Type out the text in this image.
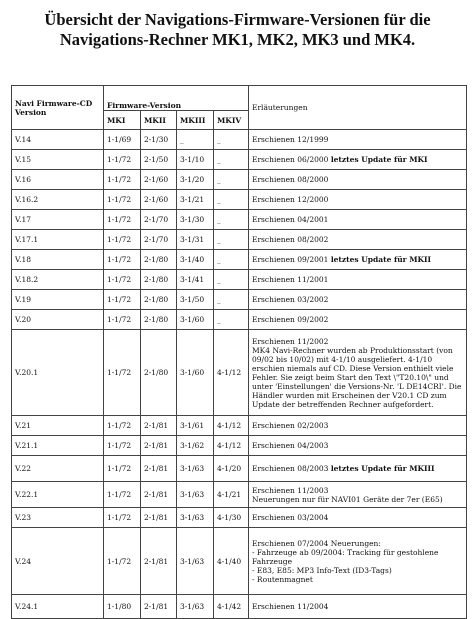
Übersicht der Navigations-Firmware-Versionen für die
Navigations-Rechner MK1, MK2, MK3 und MK4.
Navi Firmware-CD Version	Firmware-Version				Erläuterungen
	MKI	MKII	MKIII	MKIV	
V.14	1-1/69	2-1/30	_	_	Erschienen 12/1999
V.15	1-1/72	2-1/50	3-1/10	_	Erschienen 06/2000 letztes Update für MKI
V.16	1-1/72	2-1/60	3-1/20	_	Erschienen 08/2000
V.16.2	1-1/72	2-1/60	3-1/21	_	Erschienen 12/2000
V.17	1-1/72	2-1/70	3-1/30	_	Erschienen 04/2001
V.17.1	1-1/72	2-1/70	3-1/31	_	Erschienen 08/2002
V.18	1-1/72	2-1/80	3-1/40	_	Erschienen 09/2001 letztes Update für MKII
V.18.2	1-1/72	2-1/80	3-1/41	_	Erschienen 11/2001
V.19	1-1/72	2-1/80	3-1/50	_	Erschienen 03/2002
V.20	1-1/72	2-1/80	3-1/60	_	Erschienen 09/2002
V.20.1	1-1/72	2-1/80	3-1/60	4-1/12	Erschienen 11/2002
MK4 Navi-Rechner wurden ab Produktionsstart (von 09/02 bis 10/02) mit 4-1/10 ausgeliefert. 4-1/10 erschien niemals auf CD. Diese Version enthielt viele Fehler. Sie zeigt beim Start den Text \"T20.10\" und unter 'Einstellungen' die Versions-Nr. 'L DE14CRI'. Die Händler wurden mit Erscheinen der V20.1 CD zum Update der betreffenden Rechner aufgefordert.
V.21	1-1/72	2-1/81	3-1/61	4-1/12	Erschienen 02/2003
V.21.1	1-1/72	2-1/81	3-1/62	4-1/12	Erschienen 04/2003
V.22	1-1/72	2-1/81	3-1/63	4-1/20	Erschienen 08/2003 letztes Update für MKIII
V.22.1	1-1/72	2-1/81	3-1/63	4-1/21	Erschienen 11/2003
Neuerungen nur für NAVI01 Geräte der 7er (E65)
V.23	1-1/72	2-1/81	3-1/63	4-1/30	Erschienen 03/2004
V.24	1-1/72	2-1/81	3-1/63	4-1/40	Erschienen 07/2004 Neuerungen:
- Fahrzeuge ab 09/2004: Tracking für gestohlene Fahrzeuge
- E83, E85: MP3 Info-Text (ID3-Tags)
- Routenmagnet
V.24.1	1-1/80	2-1/81	3-1/63	4-1/42	Erschienen 11/2004
